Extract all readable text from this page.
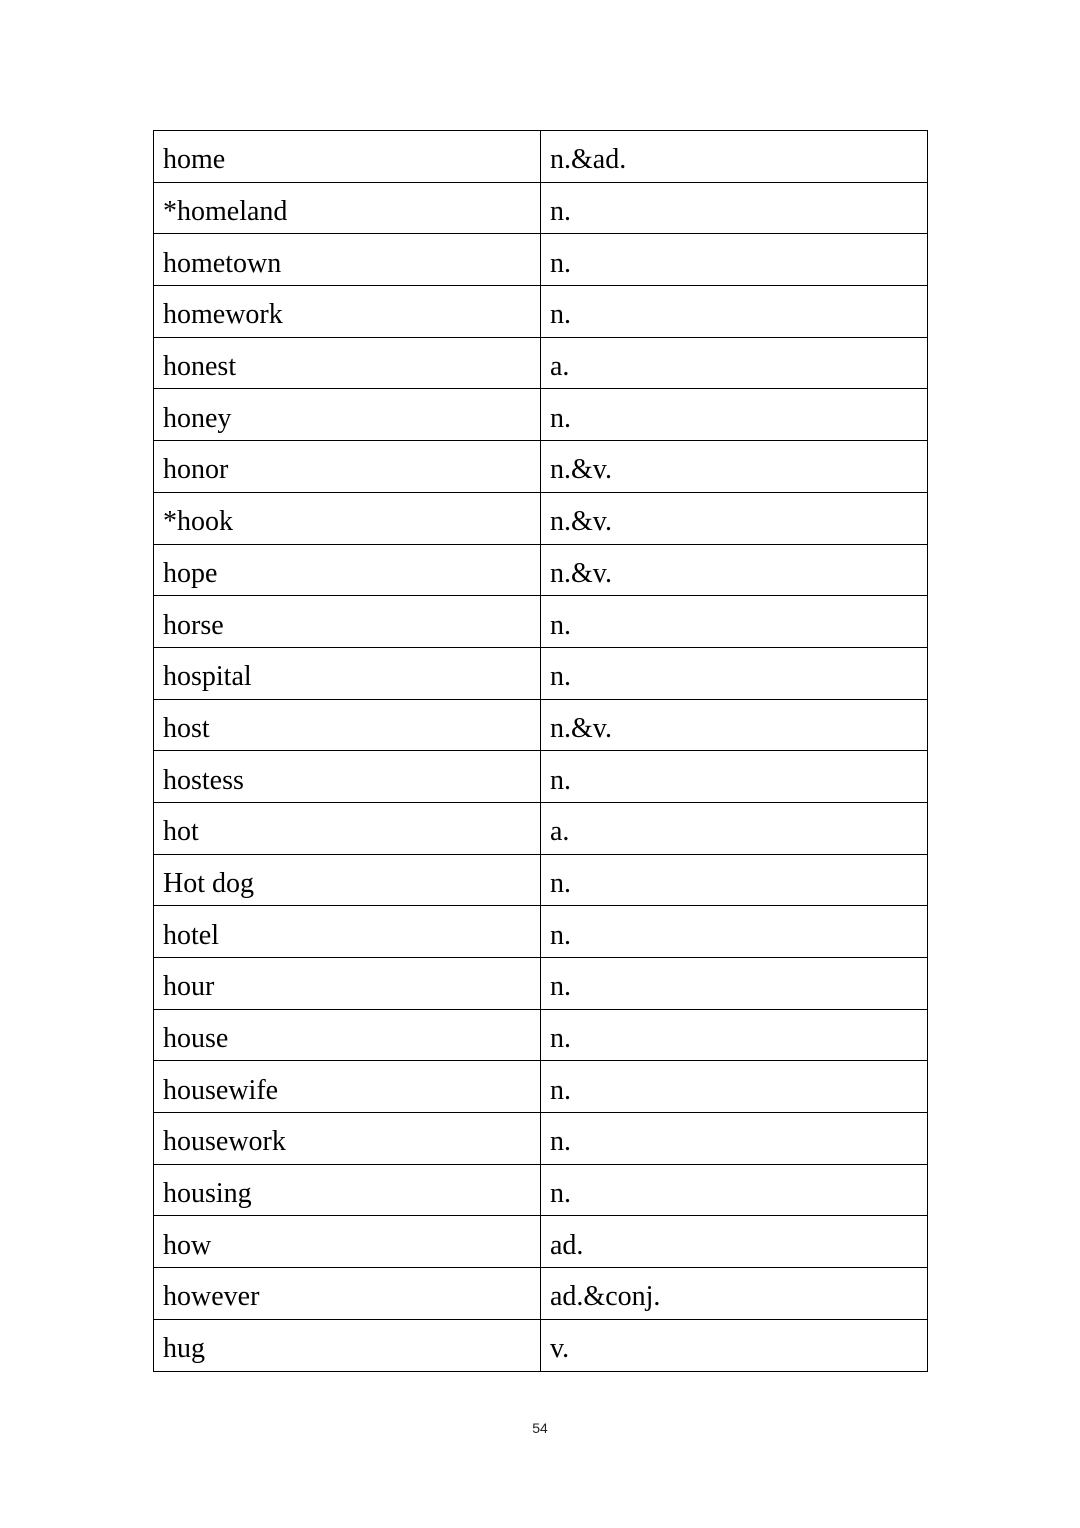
home	n.&ad.
*homeland	n.
hometown	n.
homework	n.
honest	a.
honey	n.
honor	n.&v.
*hook	n.&v.
hope	n.&v.
horse	n.
hospital	n.
host	n.&v.
hostess	n.
hot	a.
Hot dog	n.
hotel	n.
hour	n.
house	n.
housewife	n.
housework	n.
housing	n.
how	ad.
however	ad.&conj.
hug	v.
54
